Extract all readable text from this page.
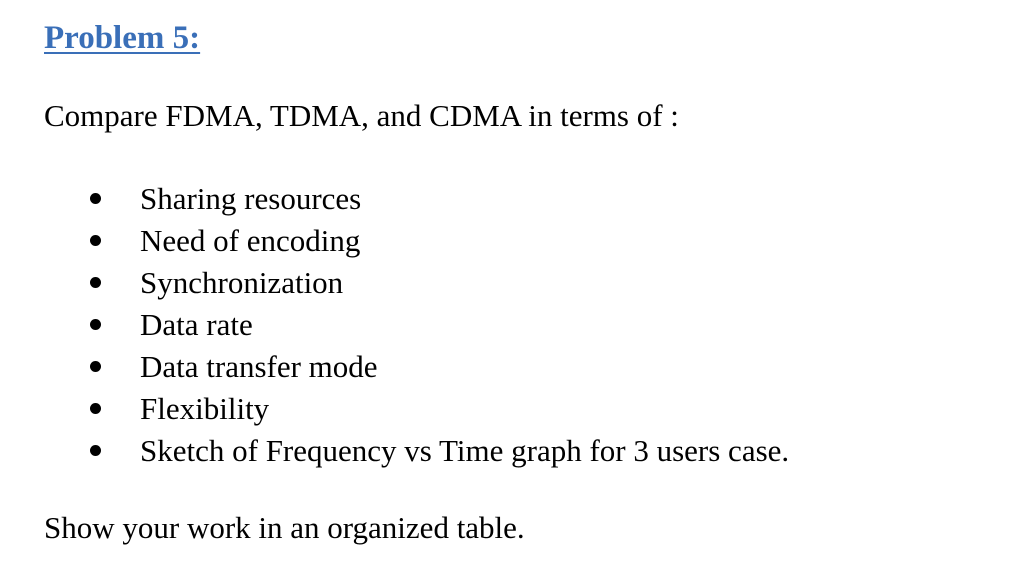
Problem 5:
Compare FDMA, TDMA, and CDMA in terms of :
Sharing resources
Need of encoding
Synchronization
Data rate
Data transfer mode
Flexibility
Sketch of Frequency vs Time graph for 3 users case.
Show your work in an organized table.
